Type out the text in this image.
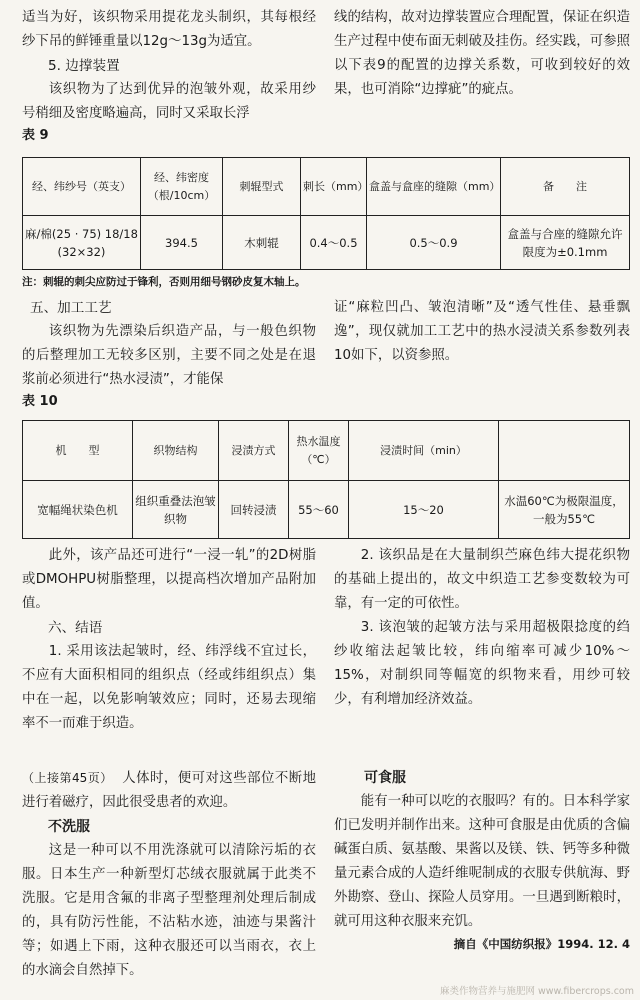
适当为好，该织物采用提花龙头制织，其每根经纱下吊的鲜锤重量以12g～13g为适宜。

5. 边撑装置

该织物为了达到优异的泡皱外观，故采用纱号稍细及密度略遍高，同时又采取长浮

表 9

线的结构，故对边撑装置应合理配置，保证在织造生产过程中使布面无刺破及挂伤。经实践，可参照以下表9的配置的边撑关系数，可收到较好的效果，也可消除“边撑疵”的疵点。

经、纬纱号（英支）	经、纬密度（根/10cm）	刺辊型式	刺长（mm）	盒盖与盒座的缝隙（mm）	备　　注
麻/棉(25 · 75) 18/18 (32×32)	394.5	木刺辊	0.4～0.5	0.5～0.9	盒盖与合座的缝隙允许限度为±0.1mm
注：刺辊的刺尖应防过于锋利，否则用细号钢砂皮复木轴上。

五、加工工艺

该织物为先漂染后织造产品，与一般色织物的后整理加工无较多区别，主要不同之处是在退浆前必须进行“热水浸渍”，才能保

表 10

证“麻粒凹凸、皱泡清晰”及“透气性佳、悬垂飘逸”，现仅就加工工艺中的热水浸渍关系参数列表10如下，以资参照。

机　　型	织物结构	浸渍方式	热水温度（℃）	浸渍时间（min）	
宽幅绳状染色机	组织重叠法泡皱织物	回转浸渍	55～60	15～20	水温60℃为极限温度，一般为55℃

此外，该产品还可进行“一浸一轧”的2D树脂或DMOHPU树脂整理，以提高档次增加产品附加值。

六、结语

1. 采用该法起皱时，经、纬浮线不宜过长，不应有大面积相同的组织点（经或纬组织点）集中在一起，以免影响皱效应；同时，还易去现缩率不一而难于织造。

2. 该织品是在大量制织苎麻色纬大提花织物的基础上提出的，故文中织造工艺参变数较为可靠，有一定的可依性。

3. 该泡皱的起皱方法与采用超极限捻度的绉纱收缩法起皱比较，纬向缩率可减少10%～15%，对制织同等幅宽的织物来看，用纱可较少，有利增加经济效益。

（上接第45页） 人体时，便可对这些部位不断地进行着磁疗，因此很受患者的欢迎。

不洗服

这是一种可以不用洗涤就可以清除污垢的衣服。日本生产一种新型灯芯绒衣服就属于此类不洗服。它是用含氟的非离子型整理剂处理后制成的，具有防污性能，不沾粘水迹，油迹与果酱汁等；如遇上下雨，这种衣服还可以当雨衣，衣上的水滴会自然掉下。

可食服

能有一种可以吃的衣服吗？有的。日本科学家们已发明并制作出来。这种可食服是由优质的含偏碱蛋白质、氨基酸、果酱以及镁、铁、钙等多种微量元素合成的人造纤维呢制成的衣服专供航海、野外勘察、登山、探险人员穿用。一旦遇到断粮时，就可用这种衣服来充饥。

摘自《中国纺织报》1994. 12. 4
麻类作物营养与施肥网 www.fibercrops.com
